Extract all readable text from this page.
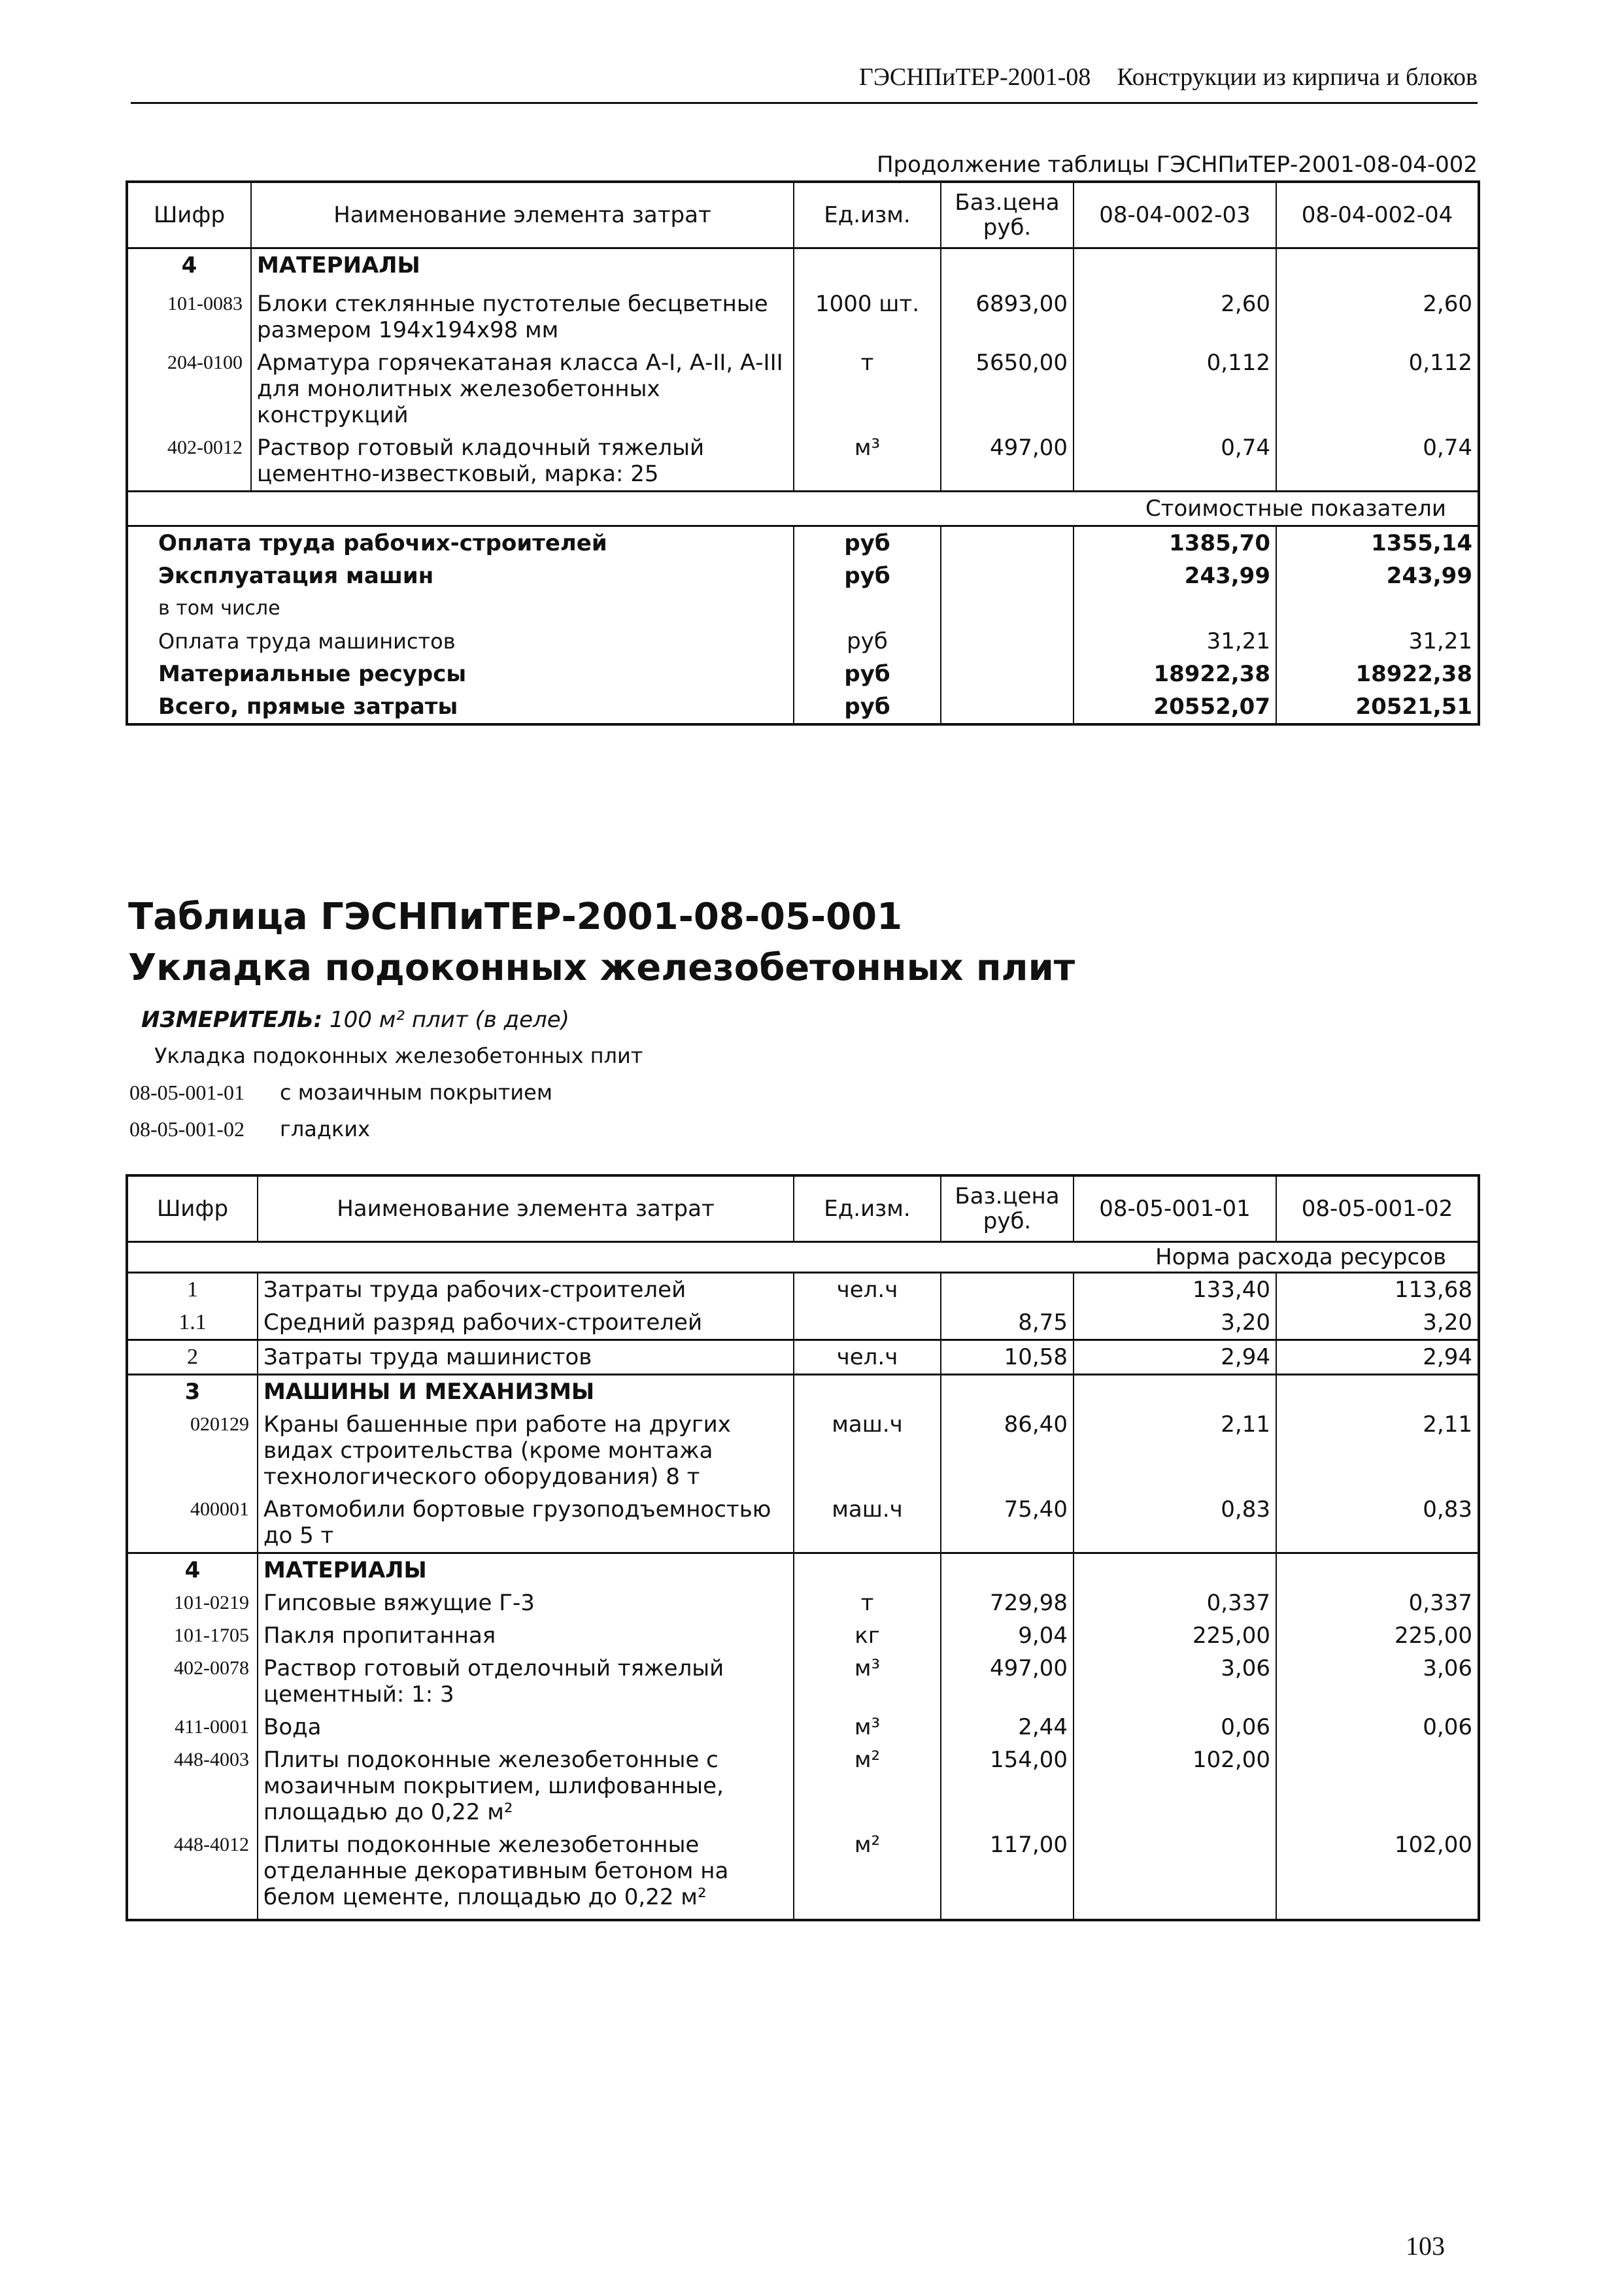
ГЭСНПиТЕР-2001-08 Конструкции из кирпича и блоков
Продолжение таблицы ГЭСНПиТЕР-2001-08-04-002
Шифр	Наименование элемента затрат	Ед.изм.	Баз.цена руб.	08-04-002-03	08-04-002-04
4	МАТЕРИАЛЫ				
101-0083	Блоки стеклянные пустотелые бесцветные размером 194х194х98 мм	1000 шт.	6893,00	2,60	2,60
204-0100	Арматура горячекатаная класса А-I, А-II, А-III для монолитных железобетонных конструкций	т	5650,00	0,112	0,112
402-0012	Раствор готовый кладочный тяжелый цементно-известковый, марка: 25	м³	497,00	0,74	0,74
Стоимостные показатели					
Оплата труда рабочих-строителей		руб		1385,70	1355,14
Эксплуатация машин		руб		243,99	243,99
в том числе					
Оплата труда машинистов		руб		31,21	31,21
Материальные ресурсы		руб		18922,38	18922,38
Всего, прямые затраты		руб		20552,07	20521,51
Таблица ГЭСНПиТЕР-2001-08-05-001
Укладка подоконных железобетонных плит
ИЗМЕРИТЕЛЬ: 100 м² плит (в деле)
Укладка подоконных железобетонных плит
08-05-001-01 с мозаичным покрытием
08-05-001-02 гладких
Шифр	Наименование элемента затрат	Ед.изм.	Баз.цена руб.	08-05-001-01	08-05-001-02
Норма расхода ресурсов					
1	Затраты труда рабочих-строителей	чел.ч		133,40	113,68
1.1	Средний разряд рабочих-строителей		8,75	3,20	3,20
2	Затраты труда машинистов	чел.ч	10,58	2,94	2,94
3	МАШИНЫ И МЕХАНИЗМЫ				
020129	Краны башенные при работе на других видах строительства (кроме монтажа технологического оборудования) 8 т	маш.ч	86,40	2,11	2,11
400001	Автомобили бортовые грузоподъемностью до 5 т	маш.ч	75,40	0,83	0,83
4	МАТЕРИАЛЫ				
101-0219	Гипсовые вяжущие Г-3	т	729,98	0,337	0,337
101-1705	Пакля пропитанная	кг	9,04	225,00	225,00
402-0078	Раствор готовый отделочный тяжелый цементный: 1: 3	м³	497,00	3,06	3,06
411-0001	Вода	м³	2,44	0,06	0,06
448-4003	Плиты подоконные железобетонные с мозаичным покрытием, шлифованные, площадью до 0,22 м²	м²	154,00	102,00	
448-4012	Плиты подоконные железобетонные отделанные декоративным бетоном на белом цементе, площадью до 0,22 м²	м²	117,00		102,00
103
